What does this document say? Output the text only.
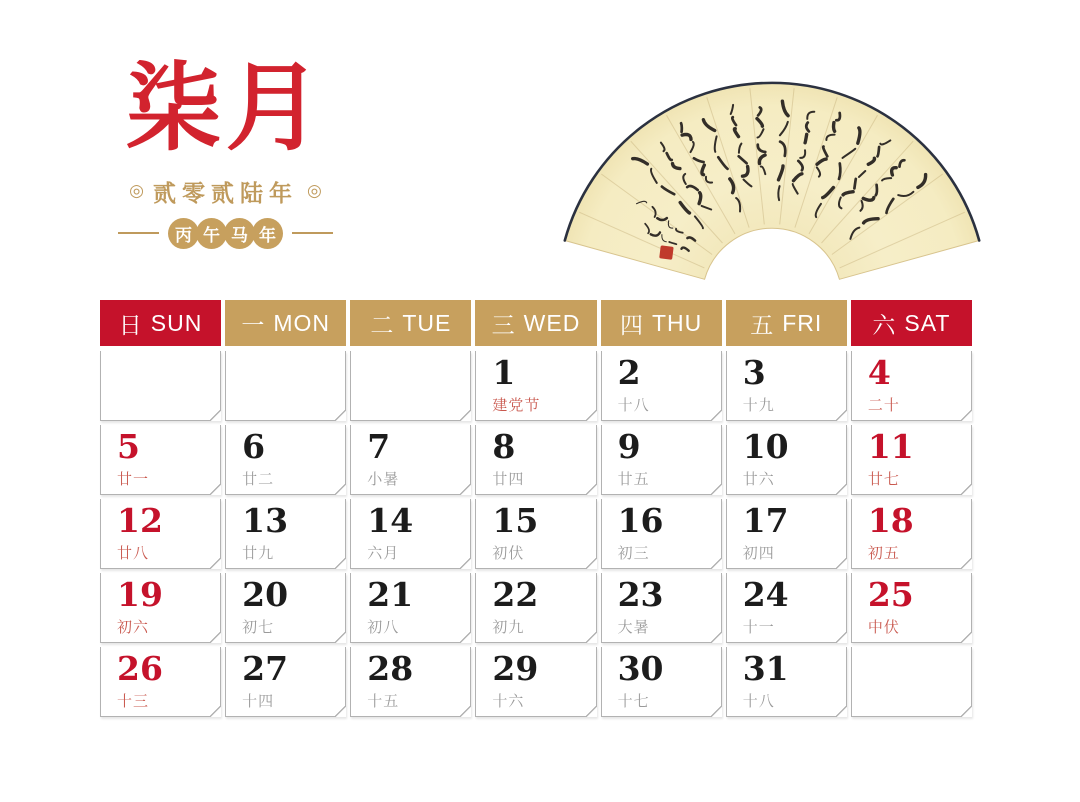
柒月
◎ 贰零贰陆年 ◎
丙 午 马 年
日 SUN 一 MON 二 TUE 三 WED 四 THU 五 FRI 六 SAT
1
建党节
2
十八
3
十九
4
二十
5
廿一
6
廿二
7
小暑
8
廿四
9
廿五
10
廿六
11
廿七
12
廿八
13
廿九
14
六月
15
初伏
16
初三
17
初四
18
初五
19
初六
20
初七
21
初八
22
初九
23
大暑
24
十一
25
中伏
26
十三
27
十四
28
十五
29
十六
30
十七
31
十八
